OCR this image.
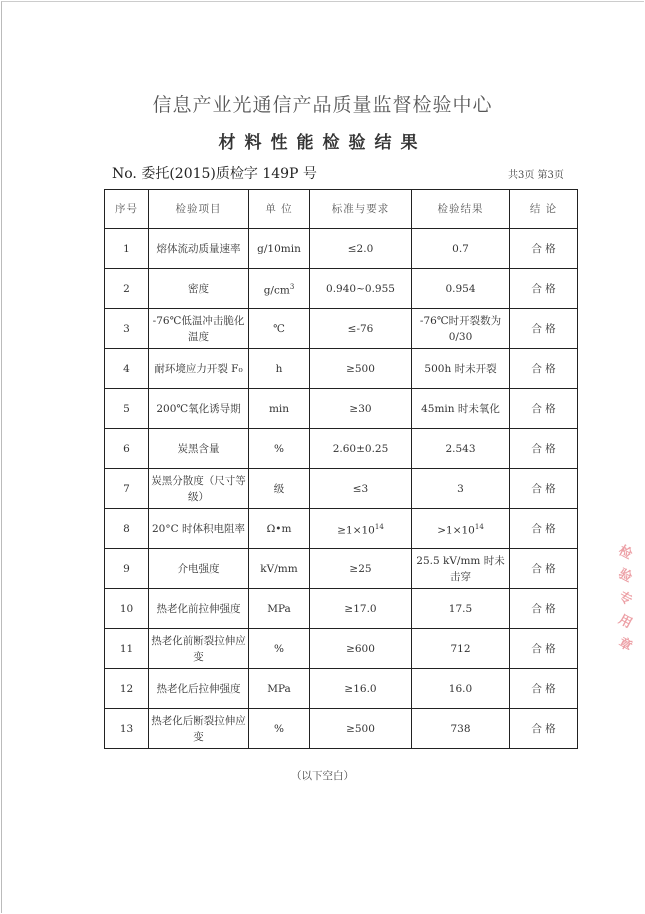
信息产业光通信产品质量监督检验中心
材料性能检验结果
No. 委托(2015)质检字 149P 号	共3页 第3页
序号	检验项目	单 位	标准与要求	检验结果	结 论
1	熔体流动质量速率	g/10min	≤2.0	0.7	合 格
2	密度	$g/cm^3$	0.940~0.955	0.954	合 格
3	-76℃低温冲击脆化温度	℃	≤-76	-76℃时开裂数为0/30	合 格
4	耐环境应力开裂 F₀	h	≥500	500h 时未开裂	合 格
5	200℃氧化诱导期	min	≥30	45min 时未氧化	合 格
6	炭黑含量	%	2.60±0.25	2.543	合 格
7	炭黑分散度（尺寸等级）	级	≤3	3	合 格
8	20°C 时体积电阻率	Ω•m	$\ge 1\times 10^{14}$	$>1\times 10^{14}$	合 格
9	介电强度	kV/mm	≥25	25.5 kV/mm 时未击穿	合 格
10	热老化前拉伸强度	MPa	≥17.0	17.5	合 格
11	热老化前断裂拉伸应变	%	≥600	712	合 格
12	热老化后拉伸强度	MPa	≥16.0	16.0	合 格
13	热老化后断裂拉伸应变	%	≥500	738	合 格
（以下空白）
检
验
专
用
章
